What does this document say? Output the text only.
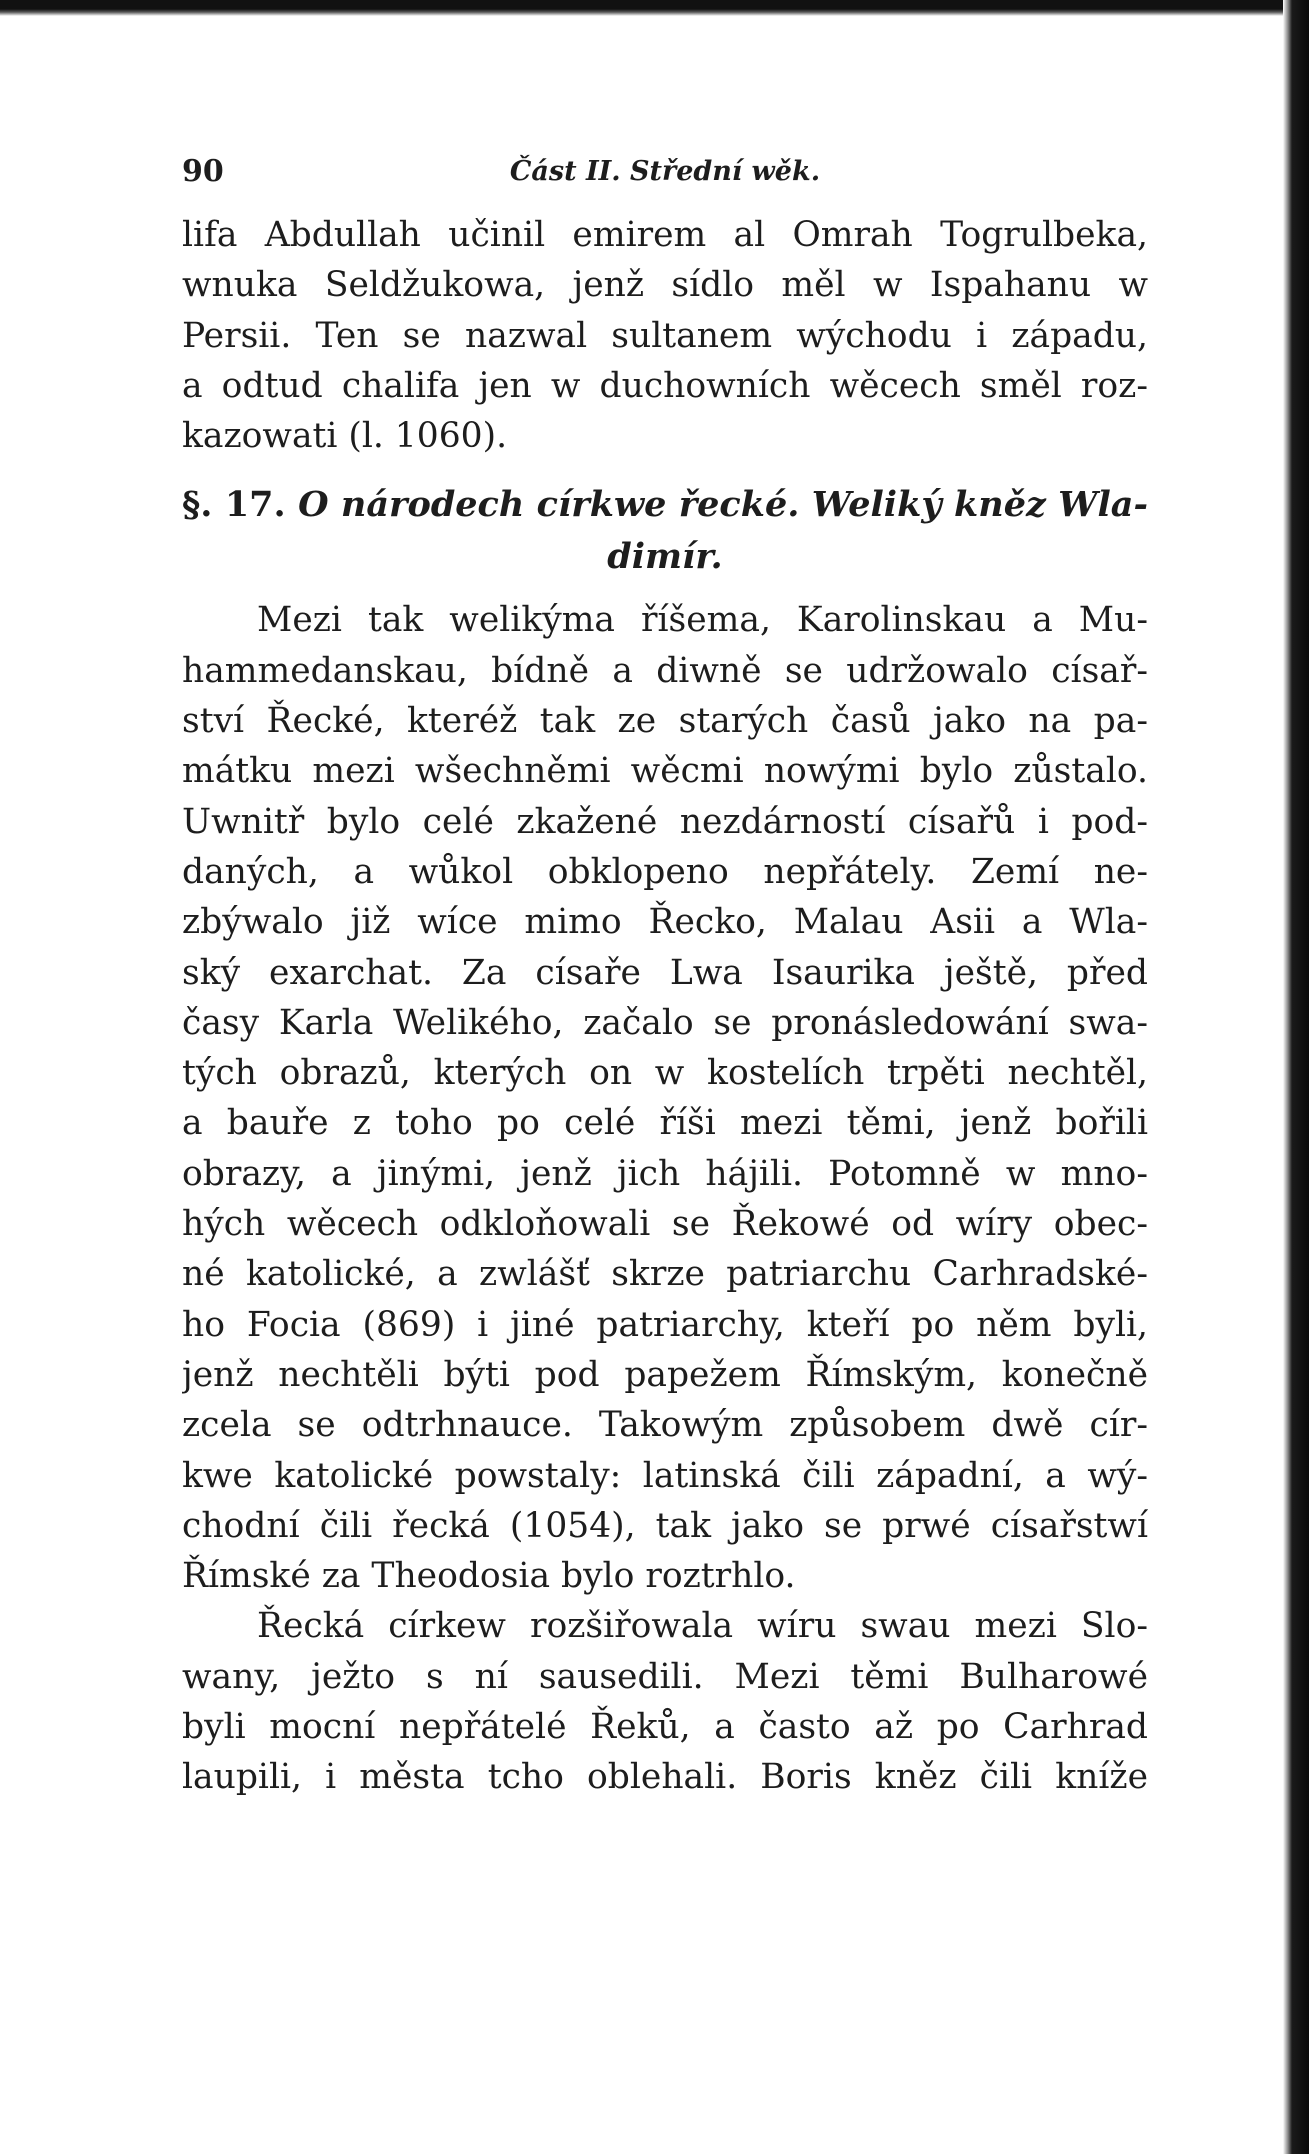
90	Část II. Střední wěk.
lifa Abdullah učinil emirem al Omrah Togrulbeka,
wnuka Seldžukowa, jenž sídlo měl w Ispahanu w
Persii. Ten se nazwal sultanem wýchodu i západu,
a odtud chalifa jen w duchowních wěcech směl roz-
kazowati (l. 1060).
§. 17. O národech církwe řecké. Weliký kněz Wla-
dimír.
Mezi tak welikýma říšema, Karolinskau a Mu-
hammedanskau, bídně a diwně se udržowalo císař-
ství Řecké, kteréž tak ze starých časů jako na pa-
mátku mezi wšechněmi wěcmi nowými bylo zůstalo.
Uwnitř bylo celé zkažené nezdárností císařů i pod-
daných, a wůkol obklopeno nepřátely. Zemí ne-
zbýwalo již wíce mimo Řecko, Malau Asii a Wla-
ský exarchat. Za císaře Lwa Isaurika ještě, před
časy Karla Welikého, začalo se pronásledowání swa-
tých obrazů, kterých on w kostelích trpěti nechtěl,
a bauře z toho po celé říši mezi těmi, jenž bořili
obrazy, a jinými, jenž jich hájili. Potomně w mno-
hých wěcech odkloňowali se Řekowé od wíry obec-
né katolické, a zwlášť skrze patriarchu Carhradské-
ho Focia (869) i jiné patriarchy, kteří po něm byli,
jenž nechtěli býti pod papežem Římským, konečně
zcela se odtrhnauce. Takowým způsobem dwě cír-
kwe katolické powstaly: latinská čili západní, a wý-
chodní čili řecká (1054), tak jako se prwé císařstwí
Římské za Theodosia bylo roztrhlo.
Řecká církew rozšiřowala wíru swau mezi Slo-
wany, ježto s ní sausedili. Mezi těmi Bulharowé
byli mocní nepřátelé Řeků, a často až po Carhrad
laupili, i města tcho oblehali. Boris kněz čili kníže
